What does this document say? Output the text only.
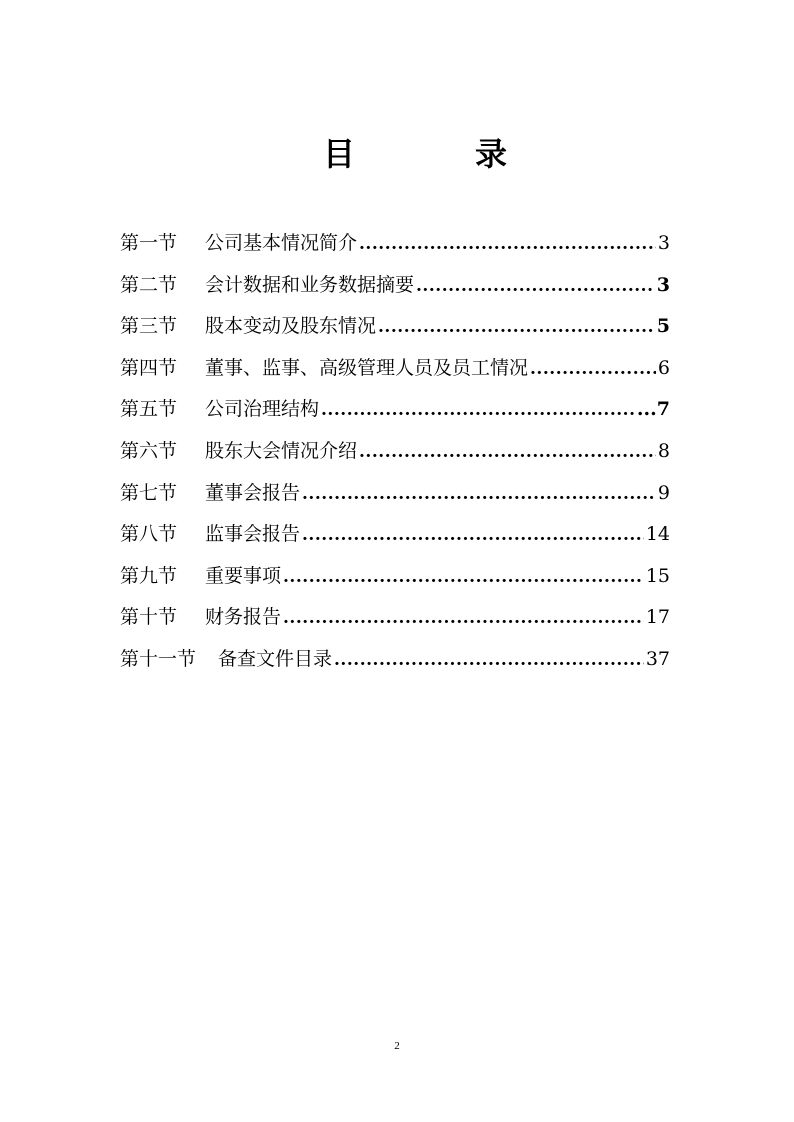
目	录
第一节	公司基本情况简介 .....	3
第二节	会计数据和业务数据摘要 .....	3
第三节	股本变动及股东情况 .....	5
第四节	董事、监事、高级管理人员及员工情况 .....	6
第五节	公司治理结构 .....	...7
第六节	股东大会情况介绍 .....	8
第七节	董事会报告 .....	9
第八节	监事会报告 .....	14
第九节	重要事项 .....	15
第十节	财务报告 .....	17
第十一节	备查文件目录 .....	37
2
